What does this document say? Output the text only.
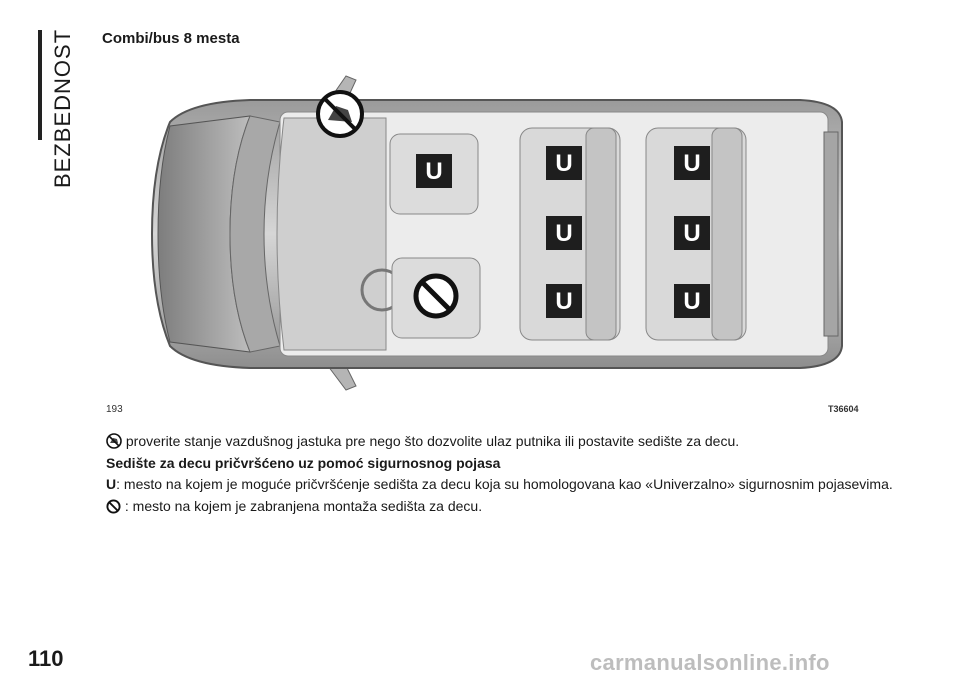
BEZBEDNOST Combi/bus 8 mesta
U	U
U
U
U
U
U
193	T36604
proverite stanje vazdušnog jastuka pre nego što dozvolite ulaz putnika ili postavite sedište za decu.
Sedište za decu pričvršćeno uz pomoć sigurnosnog pojasa
U: mesto na kojem je moguće pričvršćenje sedišta za decu koja su homologovana kao «Univerzalno» sigurnosnim pojasevima.
: mesto na kojem je zabranjena montaža sedišta za decu.
110	carmanualsonline.info
